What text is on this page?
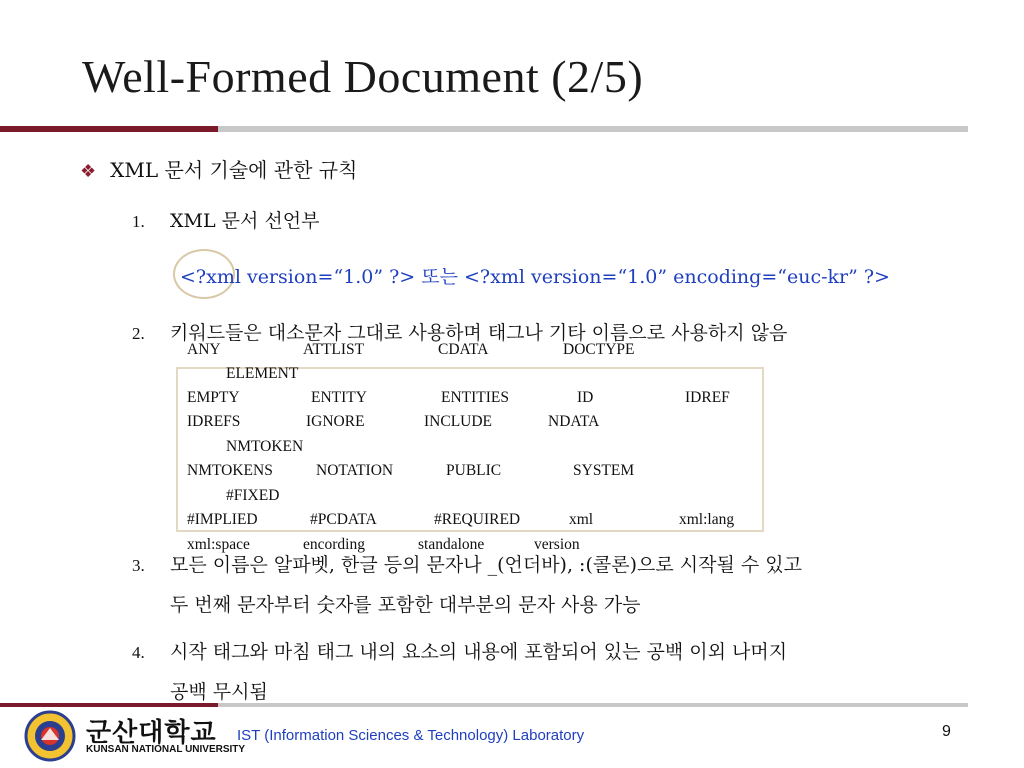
Well-Formed Document (2/5)
❖ XML 문서 기술에 관한 규칙
1. XML 문서 선언부
<?xml version=“1.0” ?> 또는 <?xml version=“1.0” encoding=“euc-kr” ?>
2. 키워드들은 대소문자 그대로 사용하며 태그나 기타 이름으로 사용하지 않음
ANY	ATTLIST	CDATA	DOCTYPE
ELEMENT
EMPTY	ENTITY	ENTITIES	ID	IDREF
IDREFS	IGNORE	INCLUDE	NDATA
NMTOKEN
NMTOKENS	NOTATION	PUBLIC	SYSTEM
#FIXED
#IMPLIED	#PCDATA	#REQUIRED	xml	xml:lang
xml:space	encording	standalone	version
3. 모든 이름은 알파벳, 한글 등의 문자나 _(언더바), :(콜론)으로 시작될 수 있고
두 번째 문자부터 숫자를 포함한 대부분의 문자 사용 가능
4. 시작 태그와 마침 태그 내의 요소의 내용에 포함되어 있는 공백 이외 나머지
공백 무시됨
군산대학교
KUNSAN NATIONAL UNIVERSITY
IST (Information Sciences & Technology) Laboratory	9
